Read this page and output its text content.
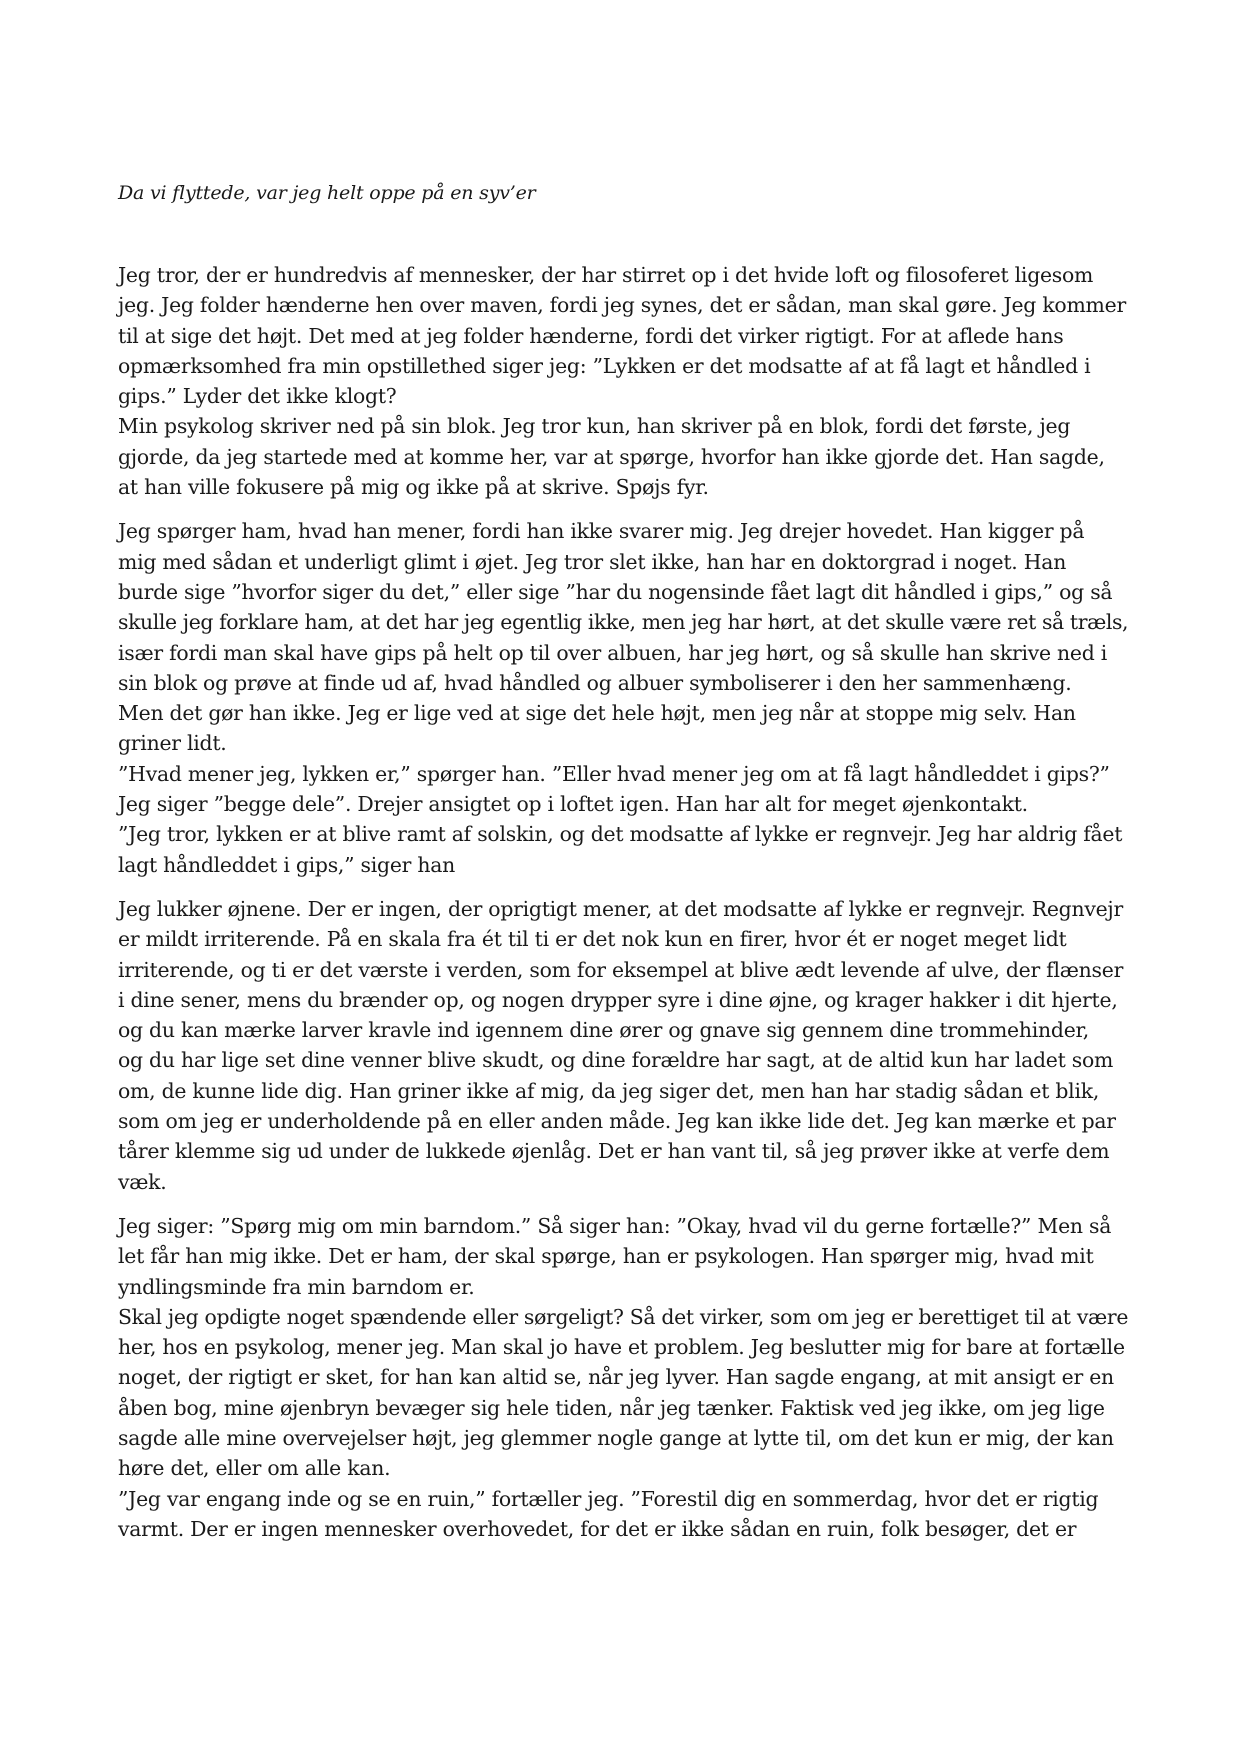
Da vi flyttede, var jeg helt oppe på en syv’er

Jeg tror, der er hundredvis af mennesker, der har stirret op i det hvide loft og filosoferet ligesom
jeg. Jeg folder hænderne hen over maven, fordi jeg synes, det er sådan, man skal gøre. Jeg kommer
til at sige det højt. Det med at jeg folder hænderne, fordi det virker rigtigt. For at aflede hans
opmærksomhed fra min opstillethed siger jeg: ”Lykken er det modsatte af at få lagt et håndled i
gips.” Lyder det ikke klogt?

Min psykolog skriver ned på sin blok. Jeg tror kun, han skriver på en blok, fordi det første, jeg
gjorde, da jeg startede med at komme her, var at spørge, hvorfor han ikke gjorde det. Han sagde,
at han ville fokusere på mig og ikke på at skrive. Spøjs fyr.

Jeg spørger ham, hvad han mener, fordi han ikke svarer mig. Jeg drejer hovedet. Han kigger på
mig med sådan et underligt glimt i øjet. Jeg tror slet ikke, han har en doktorgrad i noget. Han
burde sige ”hvorfor siger du det,” eller sige ”har du nogensinde fået lagt dit håndled i gips,” og så
skulle jeg forklare ham, at det har jeg egentlig ikke, men jeg har hørt, at det skulle være ret så træls,
især fordi man skal have gips på helt op til over albuen, har jeg hørt, og så skulle han skrive ned i
sin blok og prøve at finde ud af, hvad håndled og albuer symboliserer i den her sammenhæng.
Men det gør han ikke. Jeg er lige ved at sige det hele højt, men jeg når at stoppe mig selv. Han
griner lidt.

”Hvad mener jeg, lykken er,” spørger han. ”Eller hvad mener jeg om at få lagt håndleddet i gips?”
Jeg siger ”begge dele”. Drejer ansigtet op i loftet igen. Han har alt for meget øjenkontakt.

”Jeg tror, lykken er at blive ramt af solskin, og det modsatte af lykke er regnvejr. Jeg har aldrig fået
lagt håndleddet i gips,” siger han

Jeg lukker øjnene. Der er ingen, der oprigtigt mener, at det modsatte af lykke er regnvejr. Regnvejr
er mildt irriterende. På en skala fra ét til ti er det nok kun en firer, hvor ét er noget meget lidt
irriterende, og ti er det værste i verden, som for eksempel at blive ædt levende af ulve, der flænser
i dine sener, mens du brænder op, og nogen drypper syre i dine øjne, og krager hakker i dit hjerte,
og du kan mærke larver kravle ind igennem dine ører og gnave sig gennem dine trommehinder,
og du har lige set dine venner blive skudt, og dine forældre har sagt, at de altid kun har ladet som
om, de kunne lide dig. Han griner ikke af mig, da jeg siger det, men han har stadig sådan et blik,
som om jeg er underholdende på en eller anden måde. Jeg kan ikke lide det. Jeg kan mærke et par
tårer klemme sig ud under de lukkede øjenlåg. Det er han vant til, så jeg prøver ikke at verfe dem
væk.

Jeg siger: ”Spørg mig om min barndom.” Så siger han: ”Okay, hvad vil du gerne fortælle?” Men så
let får han mig ikke. Det er ham, der skal spørge, han er psykologen. Han spørger mig, hvad mit
yndlingsminde fra min barndom er.

Skal jeg opdigte noget spændende eller sørgeligt? Så det virker, som om jeg er berettiget til at være
her, hos en psykolog, mener jeg. Man skal jo have et problem. Jeg beslutter mig for bare at fortælle
noget, der rigtigt er sket, for han kan altid se, når jeg lyver. Han sagde engang, at mit ansigt er en
åben bog, mine øjenbryn bevæger sig hele tiden, når jeg tænker. Faktisk ved jeg ikke, om jeg lige
sagde alle mine overvejelser højt, jeg glemmer nogle gange at lytte til, om det kun er mig, der kan
høre det, eller om alle kan.

”Jeg var engang inde og se en ruin,” fortæller jeg. ”Forestil dig en sommerdag, hvor det er rigtig
varmt. Der er ingen mennesker overhovedet, for det er ikke sådan en ruin, folk besøger, det er
